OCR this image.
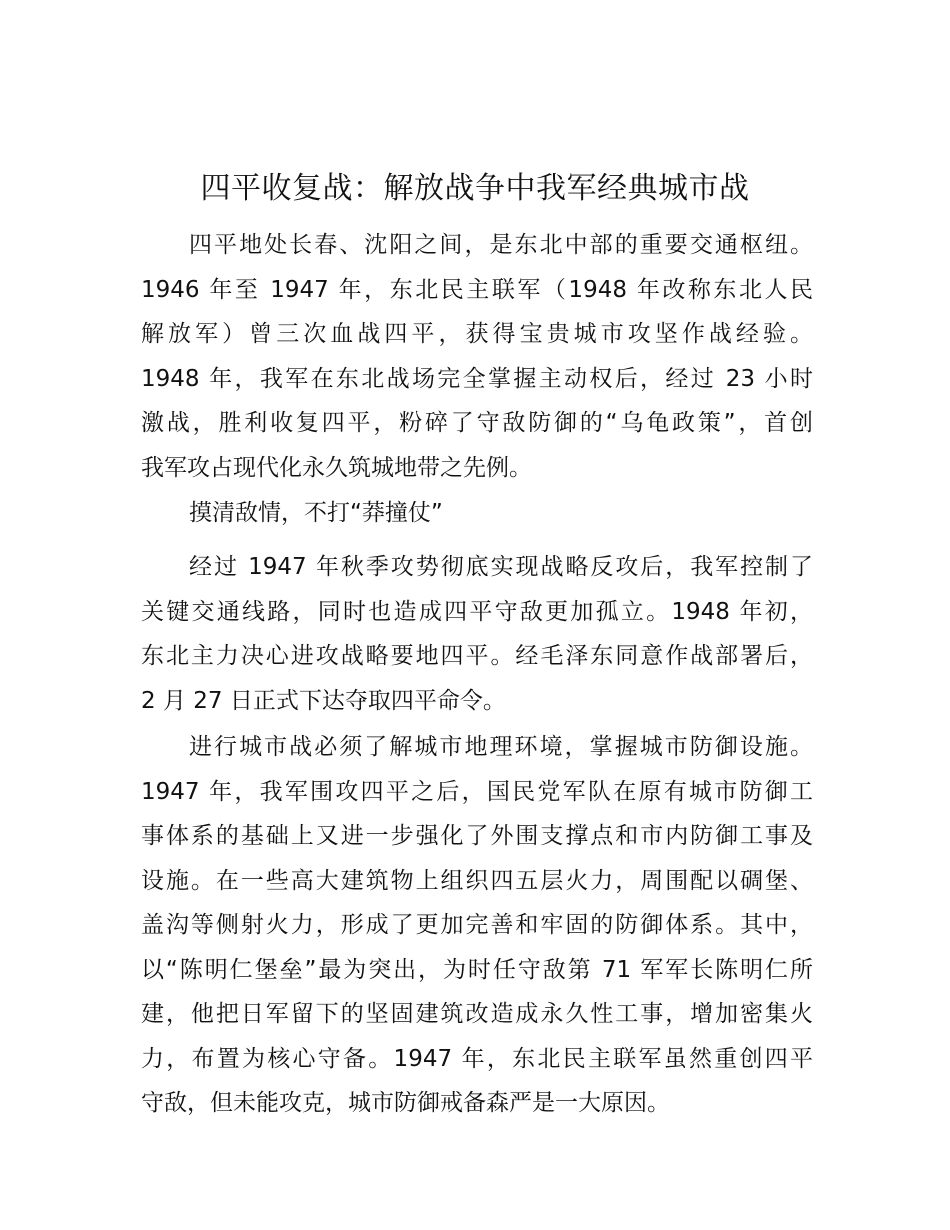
四平收复战：解放战争中我军经典城市战
四平地处长春、沈阳之间，是东北中部的重要交通枢纽。
1946 年至 1947 年，东北民主联军（1948 年改称东北人民
解放军）曾三次血战四平，获得宝贵城市攻坚作战经验。
1948 年，我军在东北战场完全掌握主动权后，经过 23 小时
激战，胜利收复四平，粉碎了守敌防御的“乌龟政策”，首创
我军攻占现代化永久筑城地带之先例。
摸清敌情，不打“莽撞仗”
经过 1947 年秋季攻势彻底实现战略反攻后，我军控制了
关键交通线路，同时也造成四平守敌更加孤立。1948 年初，
东北主力决心进攻战略要地四平。经毛泽东同意作战部署后，
2 月 27 日正式下达夺取四平命令。
进行城市战必须了解城市地理环境，掌握城市防御设施。
1947 年，我军围攻四平之后，国民党军队在原有城市防御工
事体系的基础上又进一步强化了外围支撑点和市内防御工事及
设施。在一些高大建筑物上组织四五层火力，周围配以碉堡、
盖沟等侧射火力，形成了更加完善和牢固的防御体系。其中，
以“陈明仁堡垒”最为突出，为时任守敌第 71 军军长陈明仁所
建，他把日军留下的坚固建筑改造成永久性工事，增加密集火
力，布置为核心守备。1947 年，东北民主联军虽然重创四平
守敌，但未能攻克，城市防御戒备森严是一大原因。
